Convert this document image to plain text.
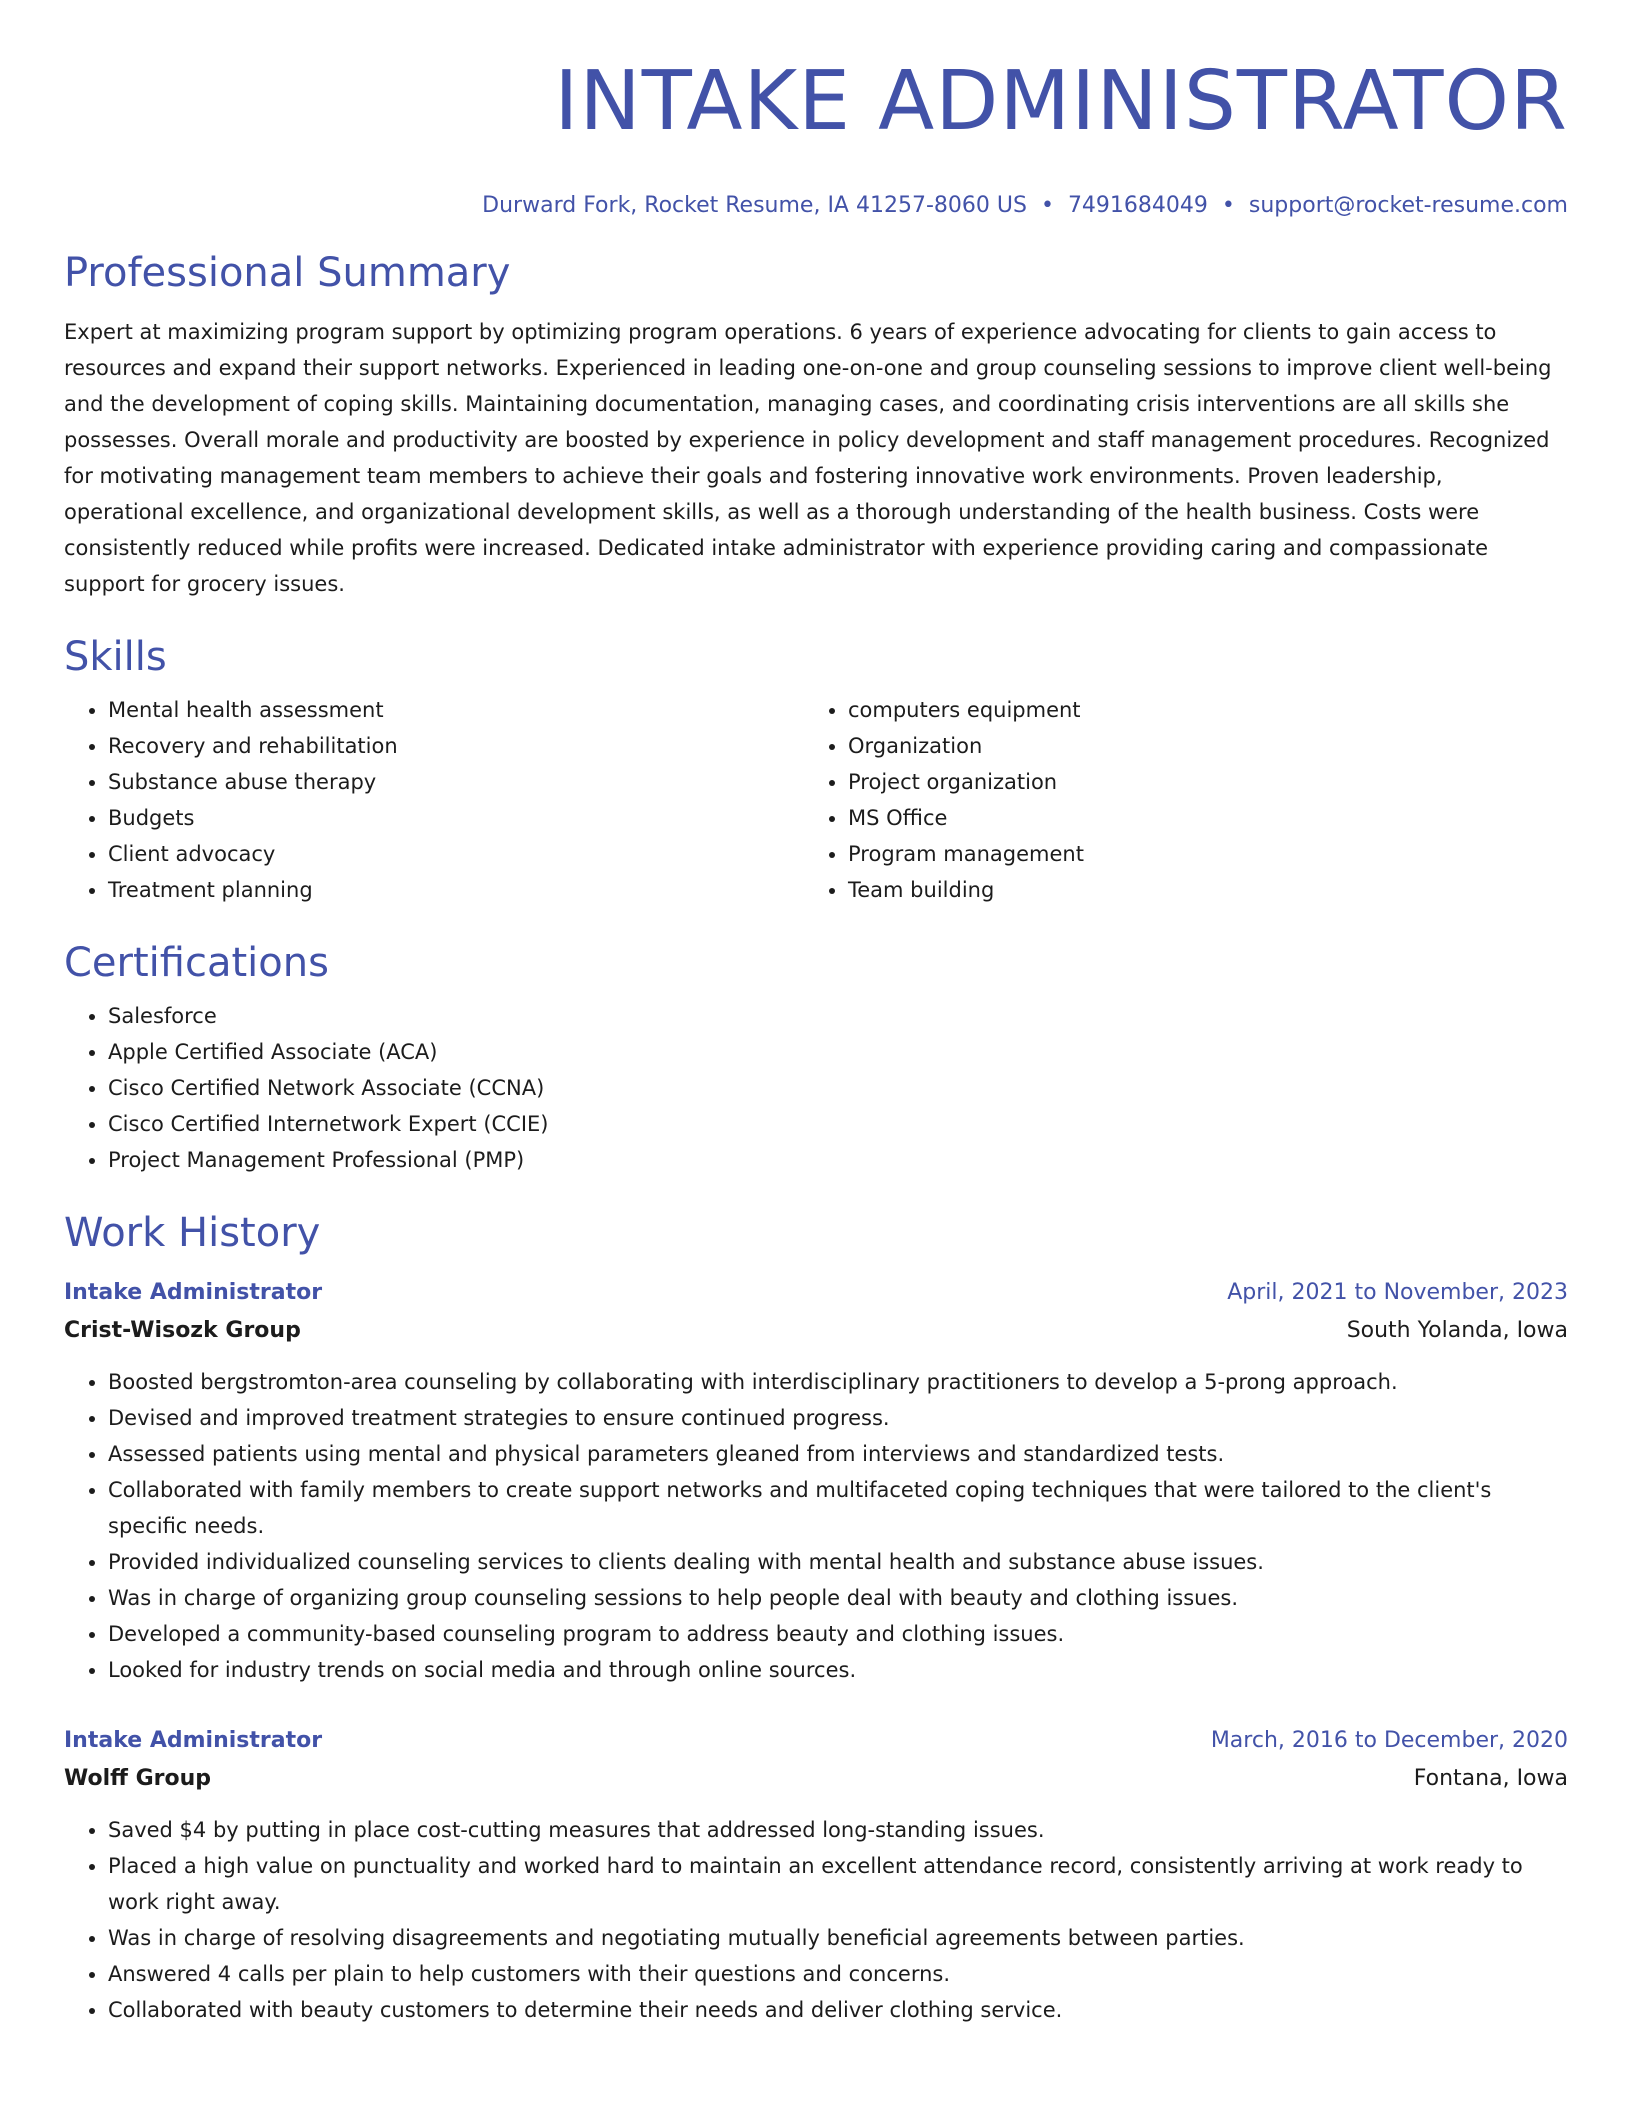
INTAKE ADMINISTRATOR
Durward Fork, Rocket Resume, IA 41257-8060 US • 7491684049 • support@rocket-resume.com
Professional Summary

Expert at maximizing program support by optimizing program operations. 6 years of experience advocating for clients to gain access to resources and expand their support networks. Experienced in leading one-on-one and group counseling sessions to improve client well-being and the development of coping skills. Maintaining documentation, managing cases, and coordinating crisis interventions are all skills she possesses. Overall morale and productivity are boosted by experience in policy development and staff management procedures. Recognized for motivating management team members to achieve their goals and fostering innovative work environments. Proven leadership, operational excellence, and organizational development skills, as well as a thorough understanding of the health business. Costs were consistently reduced while profits were increased. Dedicated intake administrator with experience providing caring and compassionate support for grocery issues.

Skills
• Mental health assessment
• Recovery and rehabilitation
• Substance abuse therapy
• Budgets
• Client advocacy
• Treatment planning
• computers equipment
• Organization
• Project organization
• MS Office
• Program management
• Team building
Certifications
• Salesforce
• Apple Certified Associate (ACA)
• Cisco Certified Network Associate (CCNA)
• Cisco Certified Internetwork Expert (CCIE)
• Project Management Professional (PMP)
Work History
Intake Administrator	April, 2021 to November, 2023
Crist-Wisozk Group	South Yolanda, Iowa
• Boosted bergstromton-area counseling by collaborating with interdisciplinary practitioners to develop a 5-prong approach.
• Devised and improved treatment strategies to ensure continued progress.
• Assessed patients using mental and physical parameters gleaned from interviews and standardized tests.
• Collaborated with family members to create support networks and multifaceted coping techniques that were tailored to the client's specific needs.
• Provided individualized counseling services to clients dealing with mental health and substance abuse issues.
• Was in charge of organizing group counseling sessions to help people deal with beauty and clothing issues.
• Developed a community-based counseling program to address beauty and clothing issues.
• Looked for industry trends on social media and through online sources.
Intake Administrator	March, 2016 to December, 2020
Wolff Group	Fontana, Iowa
• Saved $4 by putting in place cost-cutting measures that addressed long-standing issues.
• Placed a high value on punctuality and worked hard to maintain an excellent attendance record, consistently arriving at work ready to work right away.
• Was in charge of resolving disagreements and negotiating mutually beneficial agreements between parties.
• Answered 4 calls per plain to help customers with their questions and concerns.
• Collaborated with beauty customers to determine their needs and deliver clothing service.
